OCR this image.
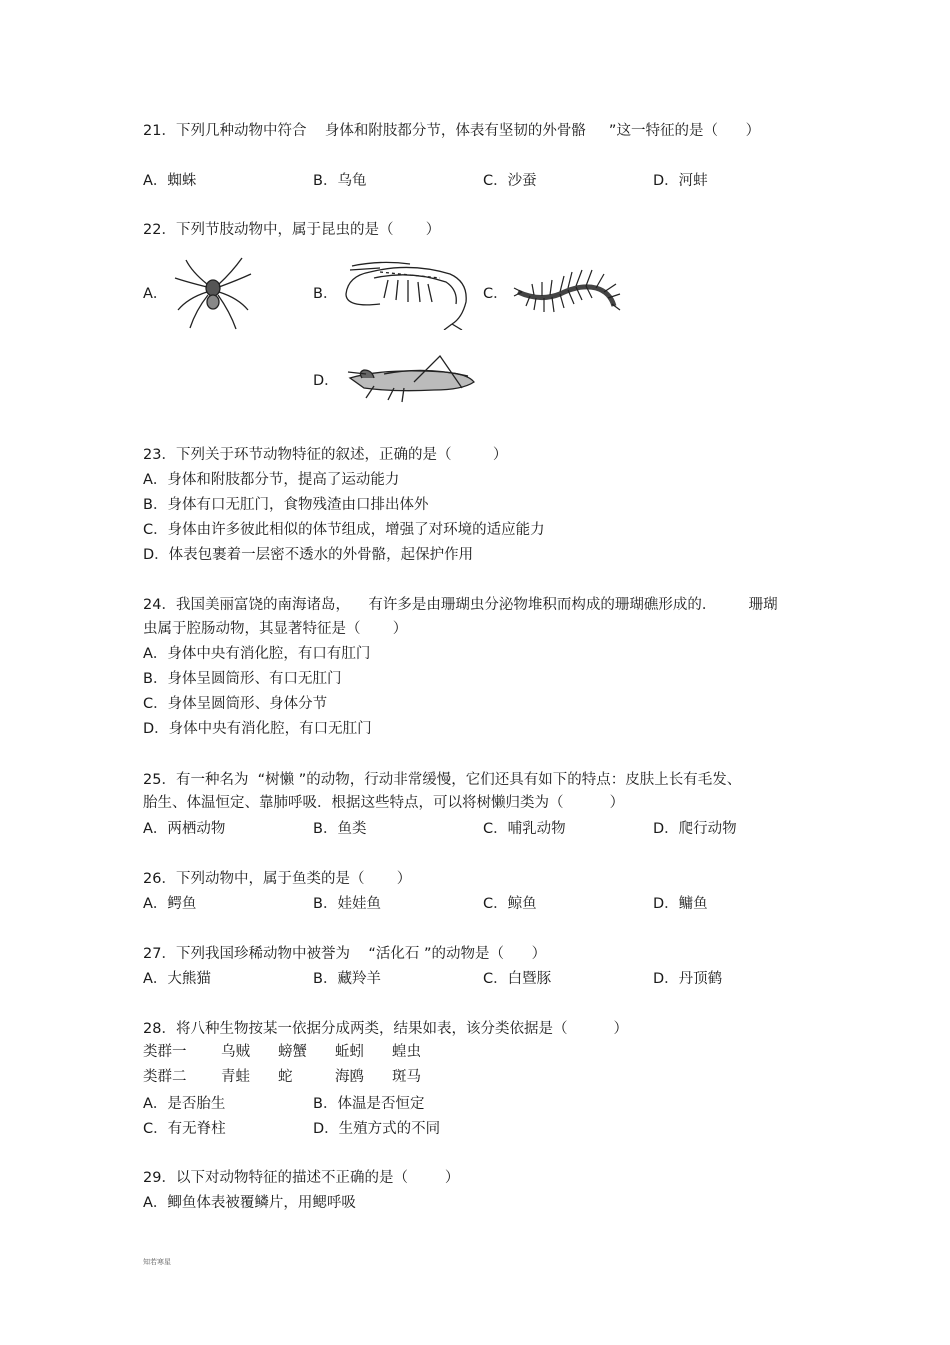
21．下列几种动物中符合    身体和附肢都分节，体表有坚韧的外骨骼     ”这一特征的是（      ）
A．蜘蛛	B．乌龟	C．沙蚕	D．河蚌
22．下列节肢动物中，属于昆虫的是（       ）
A．	B．	C．
D．
23．下列关于环节动物特征的叙述，正确的是（         ）
A．身体和附肢都分节，提高了运动能力
B．身体有口无肛门，食物残渣由口排出体外
C．身体由许多彼此相似的体节组成，增强了对环境的适应能力
D．体表包裹着一层密不透水的外骨骼，起保护作用
24．我国美丽富饶的南海诸岛，    有许多是由珊瑚虫分泌物堆积而构成的珊瑚礁形成的．       珊瑚
虫属于腔肠动物，其显著特征是（       ）
A．身体中央有消化腔，有口有肛门
B．身体呈圆筒形、有口无肛门
C．身体呈圆筒形、身体分节
D．身体中央有消化腔，有口无肛门
25．有一种名为  “树懒 ”的动物，行动非常缓慢，它们还具有如下的特点：皮肤上长有毛发、
胎生、体温恒定、靠肺呼吸．根据这些特点，可以将树懒归类为（          ）
A．两栖动物	B．鱼类	C．哺乳动物	D．爬行动物
26．下列动物中，属于鱼类的是（       ）
A．鳄鱼	B．娃娃鱼	C．鲸鱼	D．鳙鱼
27．下列我国珍稀动物中被誉为    “活化石 ”的动物是（      ）
A．大熊猫	B．藏羚羊	C．白暨豚	D．丹顶鹤
28．将八种生物按某一依据分成两类，结果如表，该分类依据是（          ）
类群一 乌贼 螃蟹 蚯蚓 蝗虫
类群二 青蛙 蛇	海鸥 斑马
A．是否胎生	B．体温是否恒定
C．有无脊柱	D．生殖方式的不同
29．以下对动物特征的描述不正确的是（        ）
A．鲫鱼体表被覆鳞片，用鳃呼吸
知若寒星
